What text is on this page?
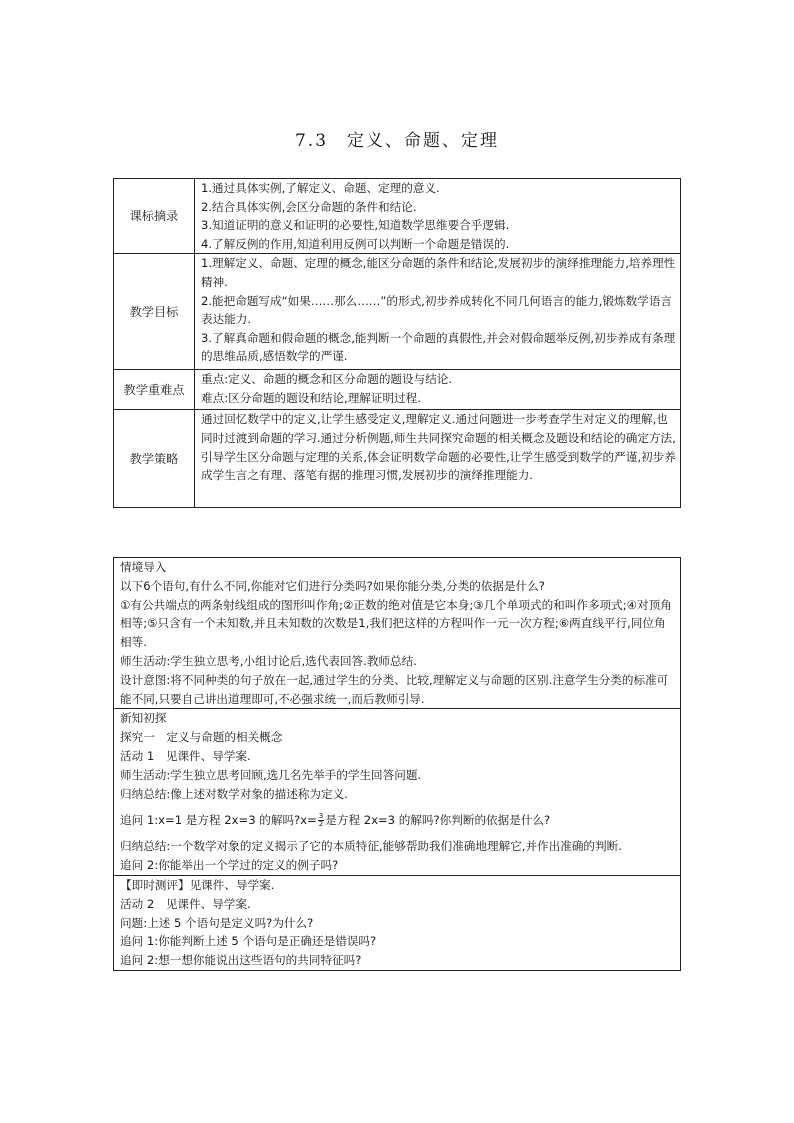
7.3　定义、命题、定理
课标摘录	1.通过具体实例,了解定义、命题、定理的意义.

2.结合具体实例,会区分命题的条件和结论.

3.知道证明的意义和证明的必要性,知道数学思维要合乎逻辑.

4.了解反例的作用,知道利用反例可以判断一个命题是错误的.

教学目标	1.理解定义、命题、定理的概念,能区分命题的条件和结论,发展初步的演绎推理能力,培养理性精神.

2.能把命题写成“如果……那么……”的形式,初步养成转化不同几何语言的能力,锻炼数学语言表达能力.

3.了解真命题和假命题的概念,能判断一个命题的真假性,并会对假命题举反例,初步养成有条理的思维品质,感悟数学的严谨.

教学重难点	重点:定义、命题的概念和区分命题的题设与结论.

难点:区分命题的题设和结论,理解证明过程.

教学策略	通过回忆数学中的定义,让学生感受定义,理解定义.通过问题进一步考查学生对定义的理解,也同时过渡到命题的学习.通过分析例题,师生共同探究命题的相关概念及题设和结论的确定方法,引导学生区分命题与定理的关系,体会证明数学命题的必要性,让学生感受到数学的严谨,初步养成学生言之有理、落笔有据的推理习惯,发展初步的演绎推理能力.

情境导入

以下6个语句,有什么不同,你能对它们进行分类吗?如果你能分类,分类的依据是什么?

①有公共端点的两条射线组成的图形叫作角;②正数的绝对值是它本身;③几个单项式的和叫作多项式;④对顶角相等;⑤只含有一个未知数,并且未知数的次数是1,我们把这样的方程叫作一元一次方程;⑥两直线平行,同位角相等.

师生活动:学生独立思考,小组讨论后,选代表回答.教师总结.

设计意图:将不同种类的句子放在一起,通过学生的分类、比较,理解定义与命题的区别.注意学生分类的标准可能不同,只要自己讲出道理即可,不必强求统一,而后教师引导.

新知初探

探究一　定义与命题的相关概念

活动 1　见课件、导学案.

师生活动:学生独立思考回顾,选几名先举手的学生回答问题.

归纳总结:像上述对数学对象的描述称为定义.

追问 1:x=1 是方程 2x=3 的解吗?x= $\frac{3}{2}$ 是方程 2x=3 的解吗?你判断的依据是什么?

归纳总结:一个数学对象的定义揭示了它的本质特征,能够帮助我们准确地理解它,并作出准确的判断.

追问 2:你能举出一个学过的定义的例子吗?

【即时测评】见课件、导学案.

活动 2　见课件、导学案.

问题:上述 5 个语句是定义吗?为什么?

追问 1:你能判断上述 5 个语句是正确还是错误吗?

追问 2:想一想你能说出这些语句的共同特征吗?
